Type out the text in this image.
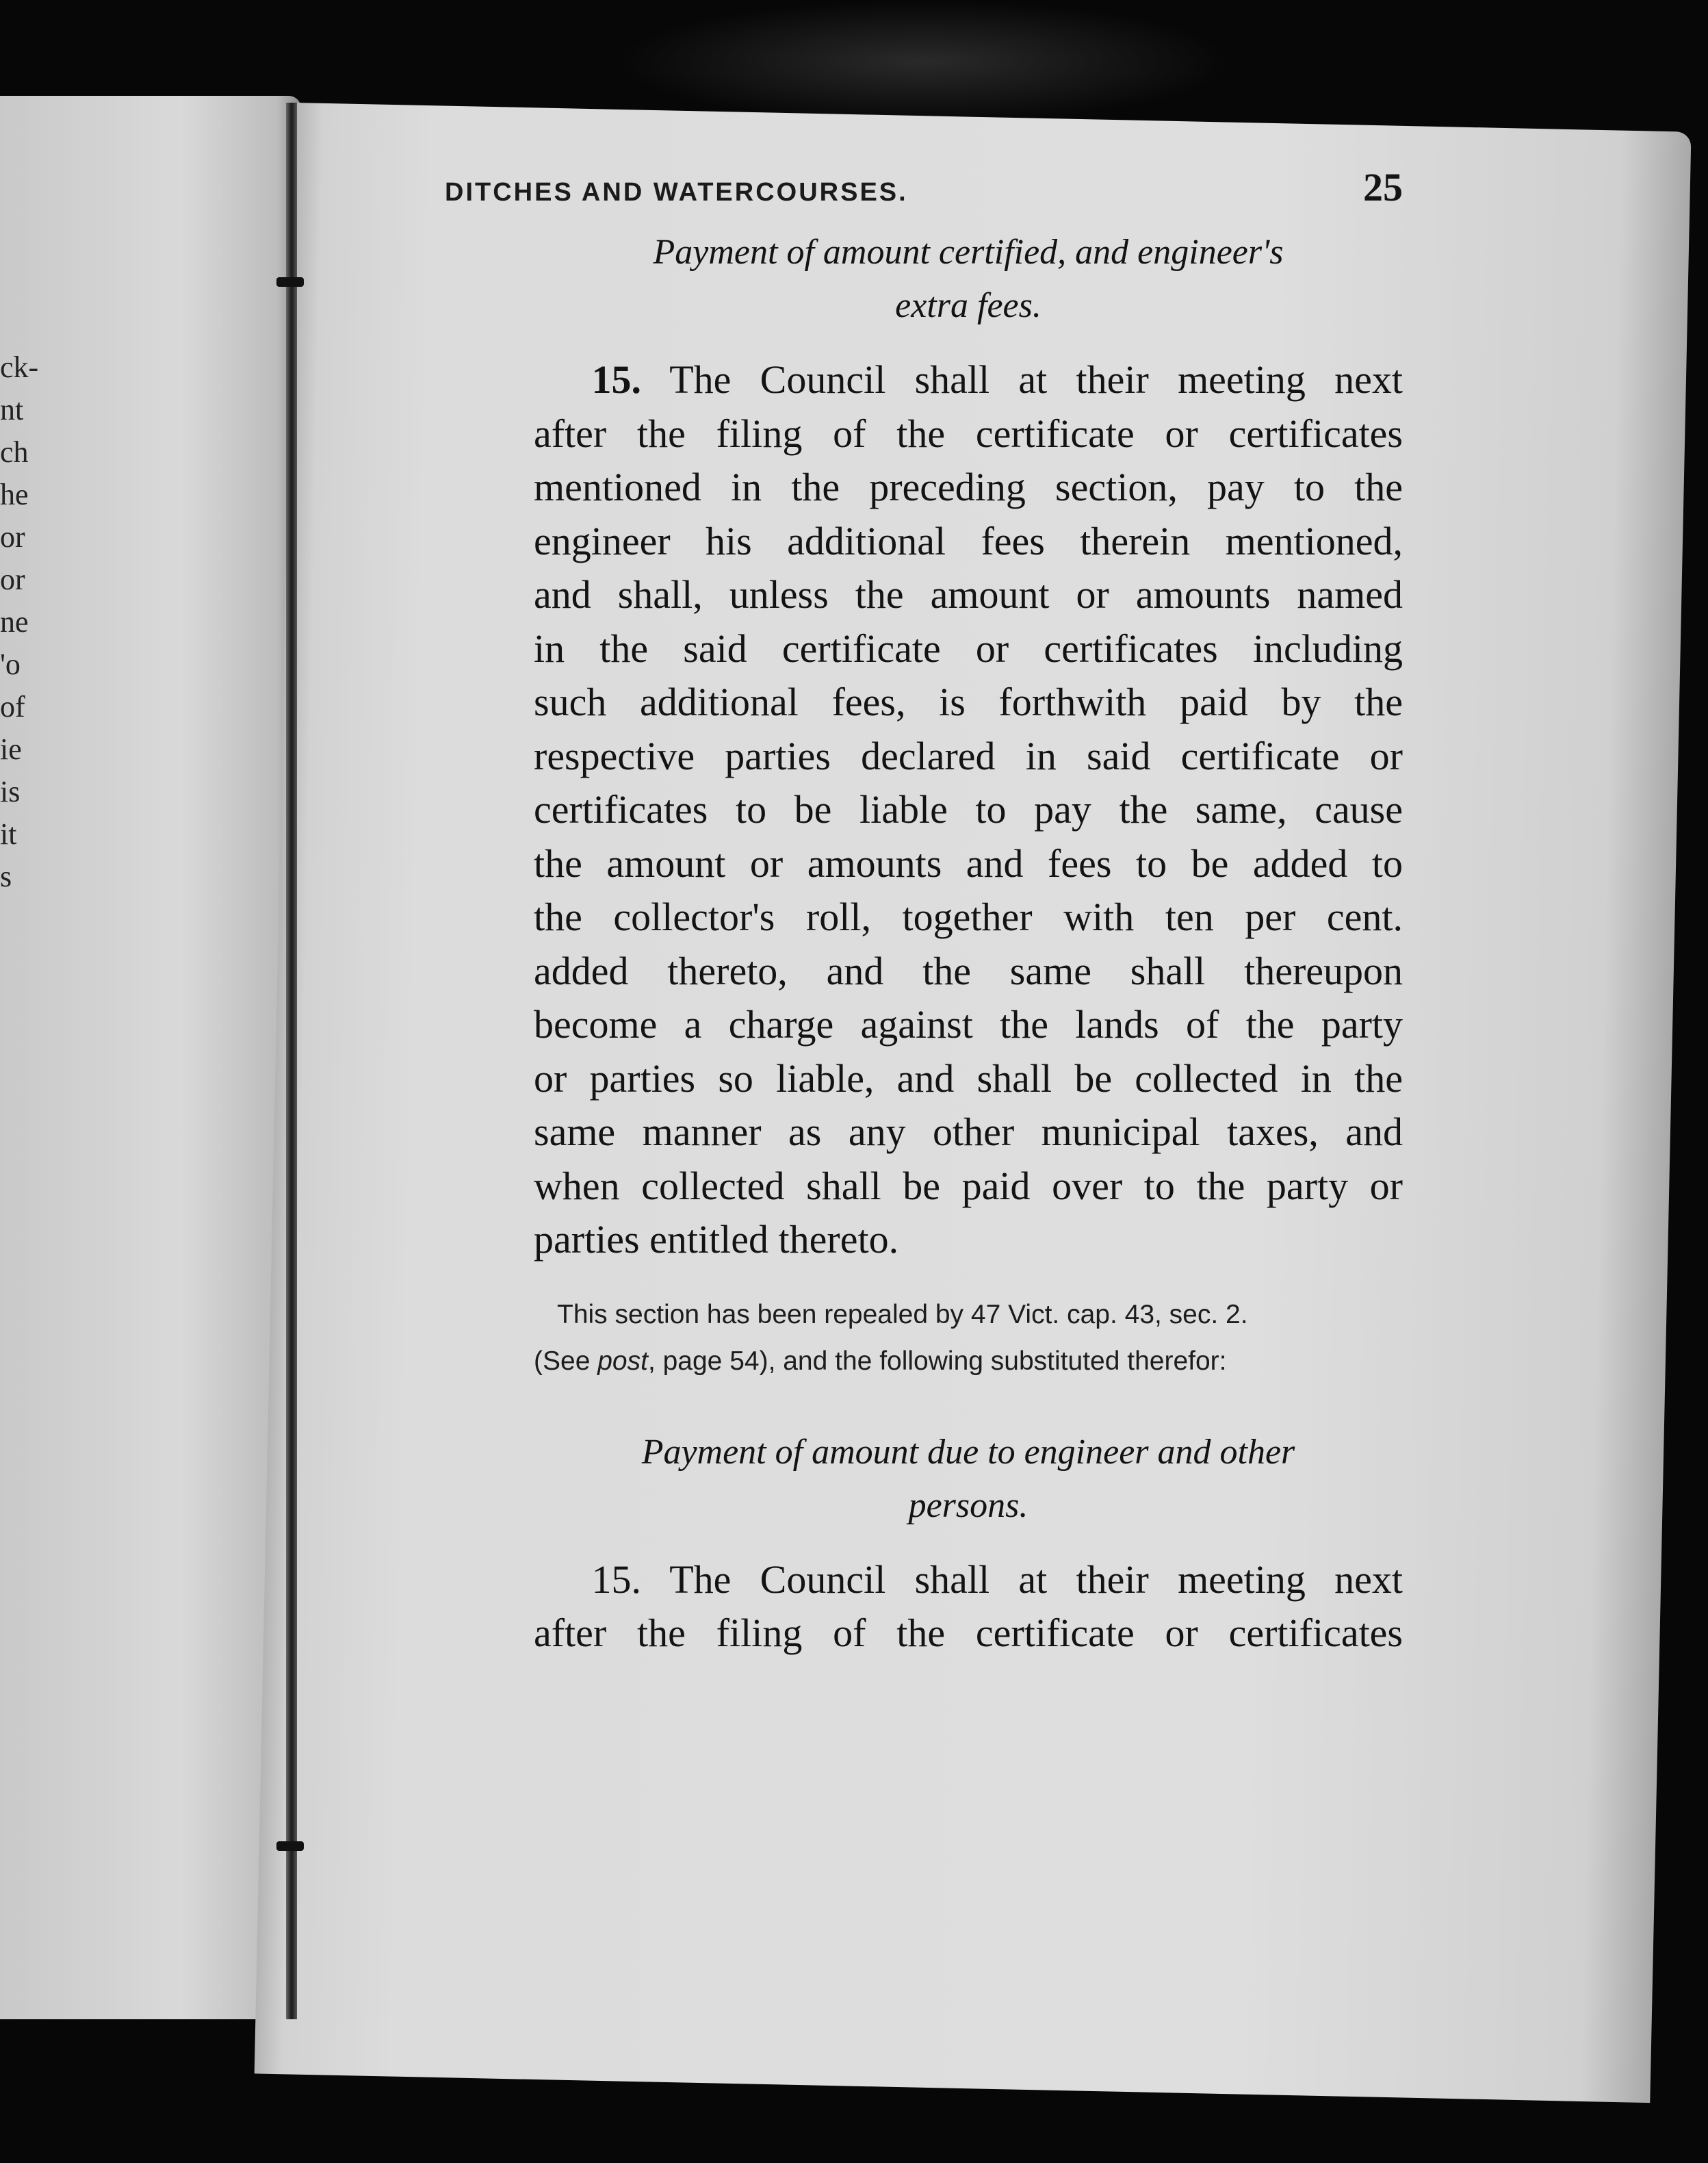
ck-
nt
ch
he
or
or
ne
'o
of
ie
is
it
s
DITCHES AND WATERCOURSES.	25
Payment of amount certified, and engineer's
extra fees.
15. The Council shall at their meeting next
after the filing of the certificate or certificates
mentioned in the preceding section, pay to the
engineer his additional fees therein mentioned,
and shall, unless the amount or amounts named
in the said certificate or certificates including
such additional fees, is forthwith paid by the
respective parties declared in said certificate or
certificates to be liable to pay the same, cause
the amount or amounts and fees to be added to
the collector's roll, together with ten per cent.
added thereto, and the same shall thereupon
become a charge against the lands of the party
or parties so liable, and shall be collected in the
same manner as any other municipal taxes, and
when collected shall be paid over to the party or
parties entitled thereto.
This section has been repealed by 47 Vict. cap. 43, sec. 2.
(See post, page 54), and the following substituted therefor:
Payment of amount due to engineer and other
persons.
15. The Council shall at their meeting next
after the filing of the certificate or certificates
